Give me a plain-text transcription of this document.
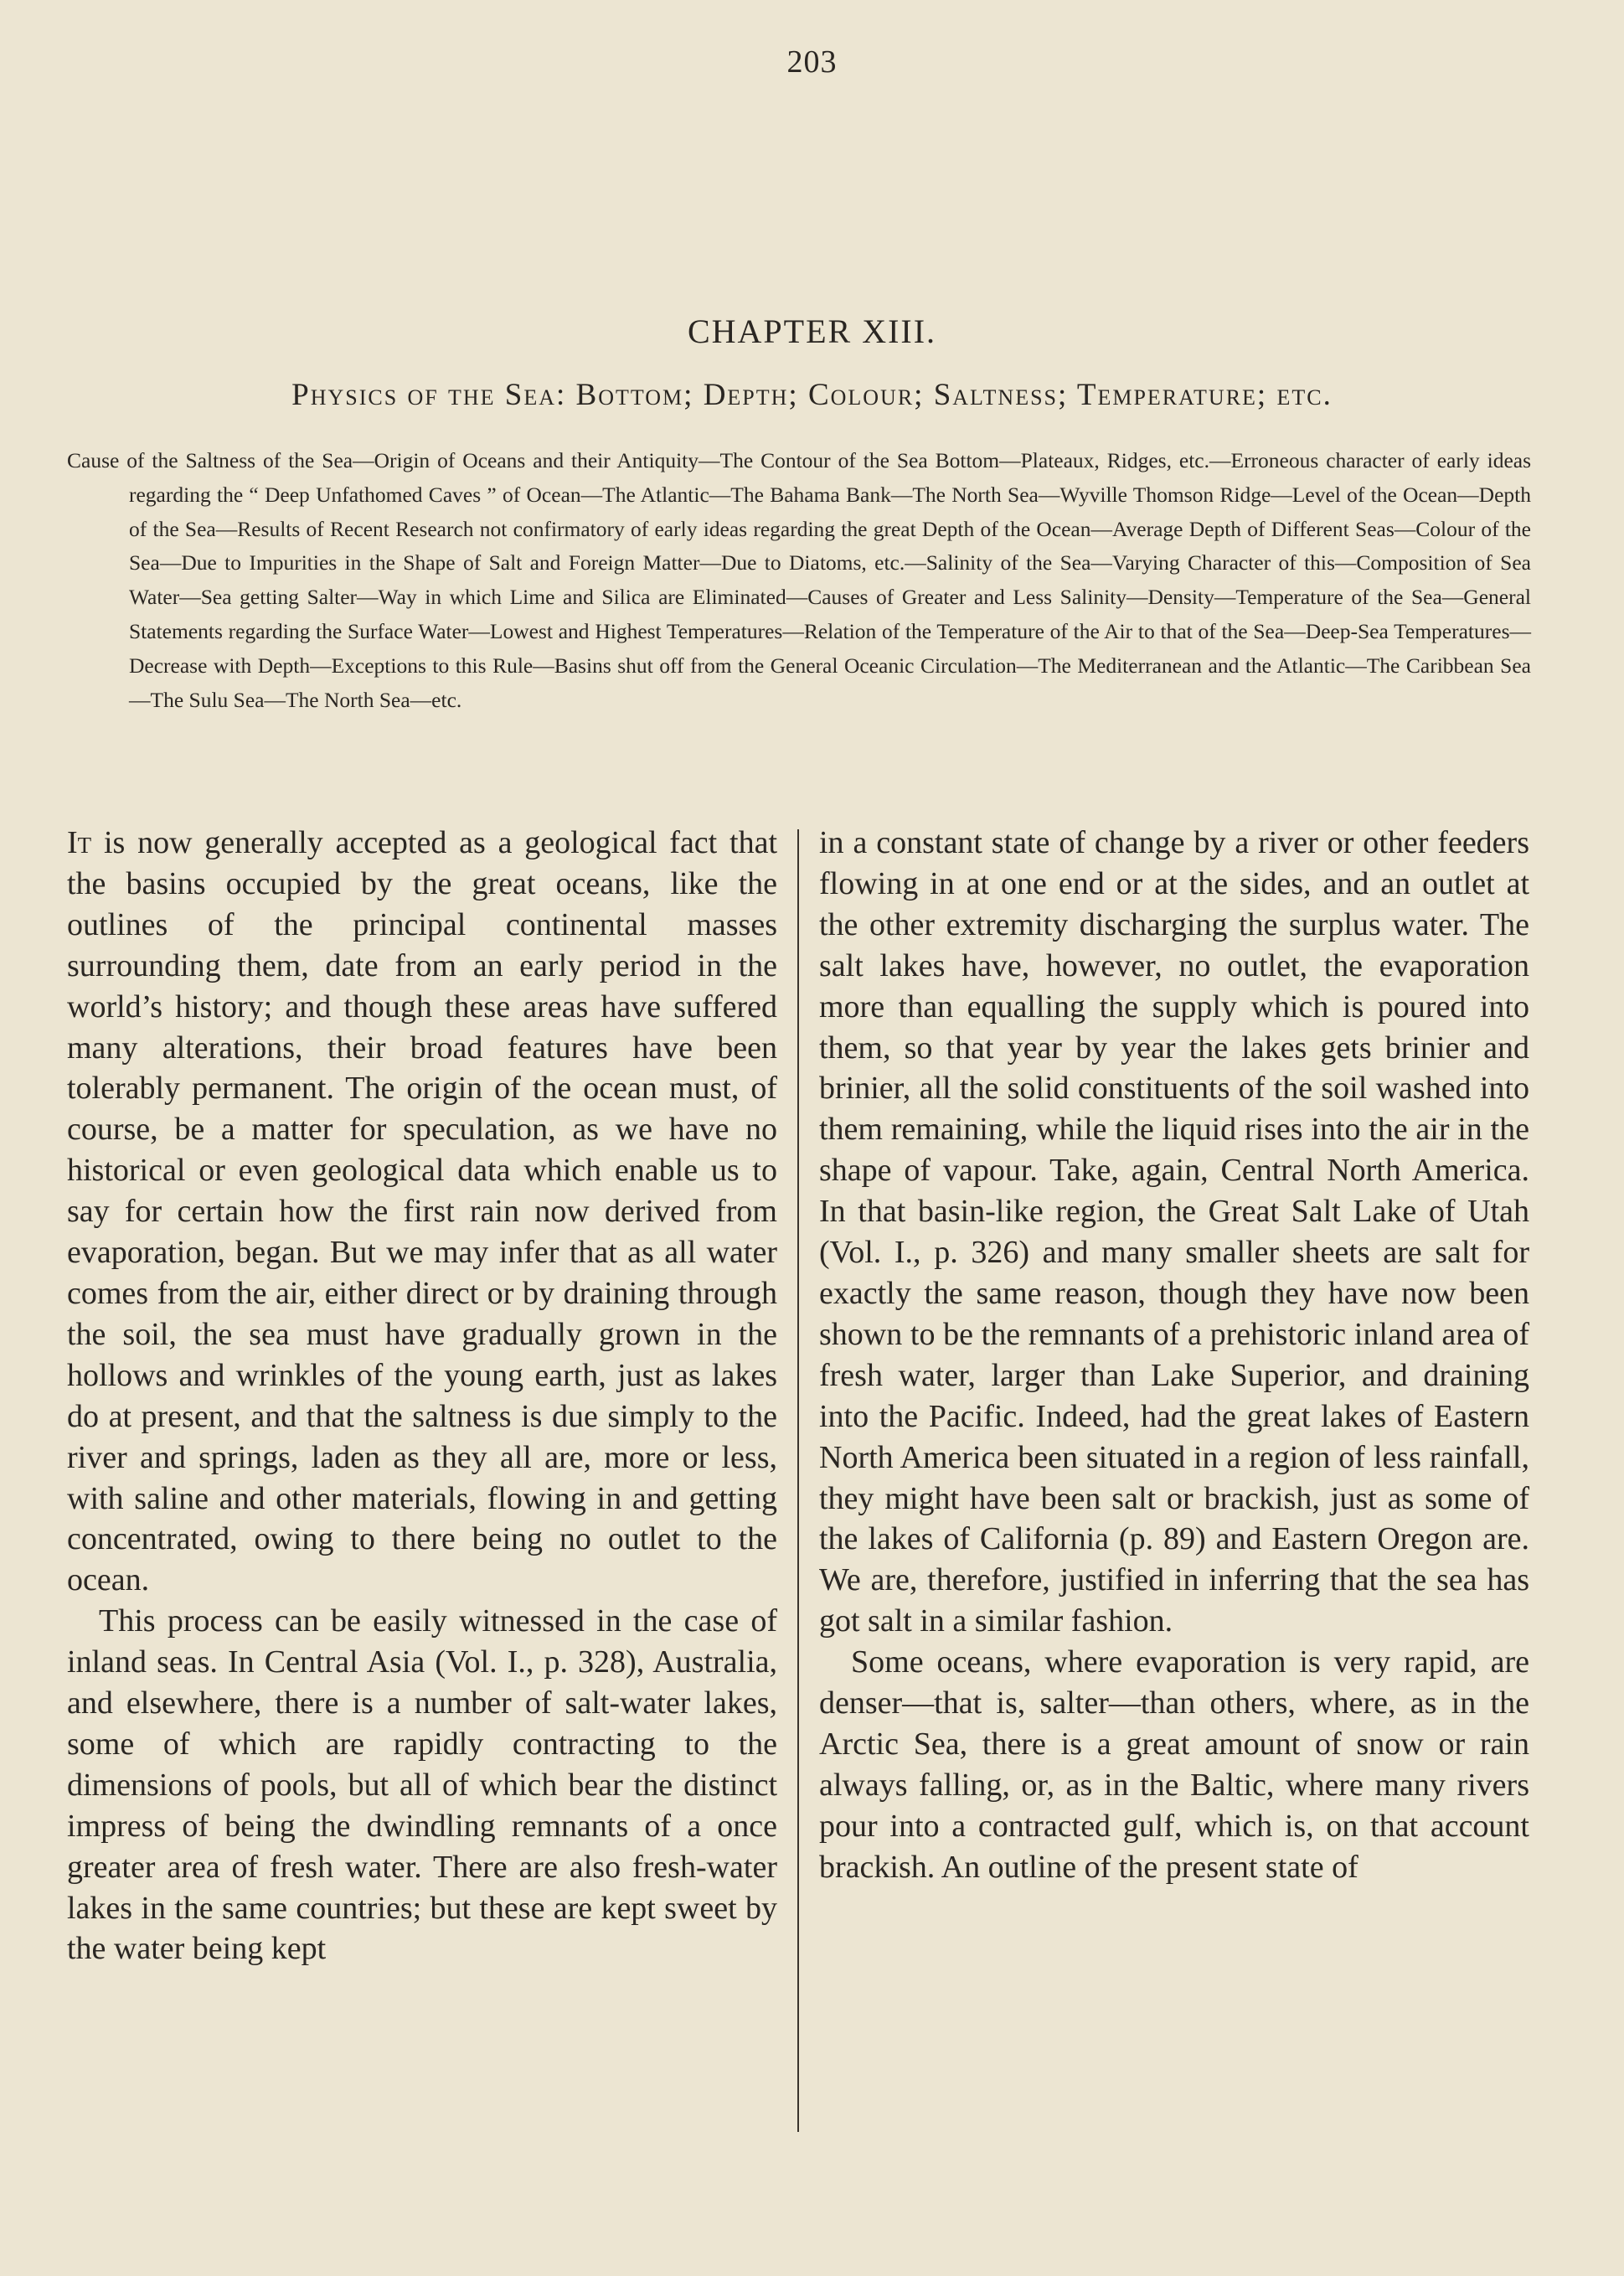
203
CHAPTER XIII.
Physics of the Sea: Bottom; Depth; Colour; Saltness; Temperature; etc.
Cause of the Saltness of the Sea—Origin of Oceans and their Antiquity—The Contour of the Sea Bottom—Plateaux, Ridges, etc.—Erroneous character of early ideas regarding the “ Deep Unfathomed Caves ” of Ocean—The Atlantic—The Bahama Bank—The North Sea—Wyville Thomson Ridge—Level of the Ocean—Depth of the Sea—Results of Recent Research not confirmatory of early ideas regarding the great Depth of the Ocean—Average Depth of Different Seas—Colour of the Sea—Due to Impurities in the Shape of Salt and Foreign Matter—Due to Diatoms, etc.—Salinity of the Sea—Varying Character of this—Composition of Sea Water—Sea getting Salter—Way in which Lime and Silica are Eliminated—Causes of Greater and Less Salinity—Density—Temperature of the Sea—General Statements regarding the Surface Water—Lowest and Highest Temperatures—Relation of the Temperature of the Air to that of the Sea—Deep-Sea Temperatures—Decrease with Depth—Exceptions to this Rule—Basins shut off from the General Oceanic Circulation—The Mediterranean and the Atlantic—The Caribbean Sea—The Sulu Sea—The North Sea—etc.

It is now generally accepted as a geological fact that the basins occupied by the great oceans, like the outlines of the principal continental masses surrounding them, date from an early period in the world’s history; and though these areas have suffered many alterations, their broad features have been tolerably permanent. The origin of the ocean must, of course, be a matter for speculation, as we have no historical or even geological data which enable us to say for certain how the first rain now derived from evaporation, began. But we may infer that as all water comes from the air, either direct or by draining through the soil, the sea must have gradually grown in the hollows and wrinkles of the young earth, just as lakes do at present, and that the saltness is due simply to the river and springs, laden as they all are, more or less, with saline and other materials, flowing in and getting concentrated, owing to there being no outlet to the ocean.

This process can be easily witnessed in the case of inland seas. In Central Asia (Vol. I., p. 328), Australia, and elsewhere, there is a number of salt-water lakes, some of which are rapidly contracting to the dimensions of pools, but all of which bear the distinct impress of being the dwindling remnants of a once greater area of fresh water. There are also fresh-water lakes in the same countries; but these are kept sweet by the water being kept

in a constant state of change by a river or other feeders flowing in at one end or at the sides, and an outlet at the other extremity discharging the surplus water. The salt lakes have, however, no outlet, the evaporation more than equalling the supply which is poured into them, so that year by year the lakes gets brinier and brinier, all the solid constituents of the soil washed into them remaining, while the liquid rises into the air in the shape of vapour. Take, again, Central North America. In that basin-like region, the Great Salt Lake of Utah (Vol. I., p. 326) and many smaller sheets are salt for exactly the same reason, though they have now been shown to be the remnants of a prehistoric inland area of fresh water, larger than Lake Superior, and draining into the Pacific. Indeed, had the great lakes of Eastern North America been situated in a region of less rainfall, they might have been salt or brackish, just as some of the lakes of California (p. 89) and Eastern Oregon are. We are, therefore, justified in inferring that the sea has got salt in a similar fashion.

Some oceans, where evaporation is very rapid, are denser—that is, salter—than others, where, as in the Arctic Sea, there is a great amount of snow or rain always falling, or, as in the Baltic, where many rivers pour into a contracted gulf, which is, on that account brackish. An outline of the present state of
